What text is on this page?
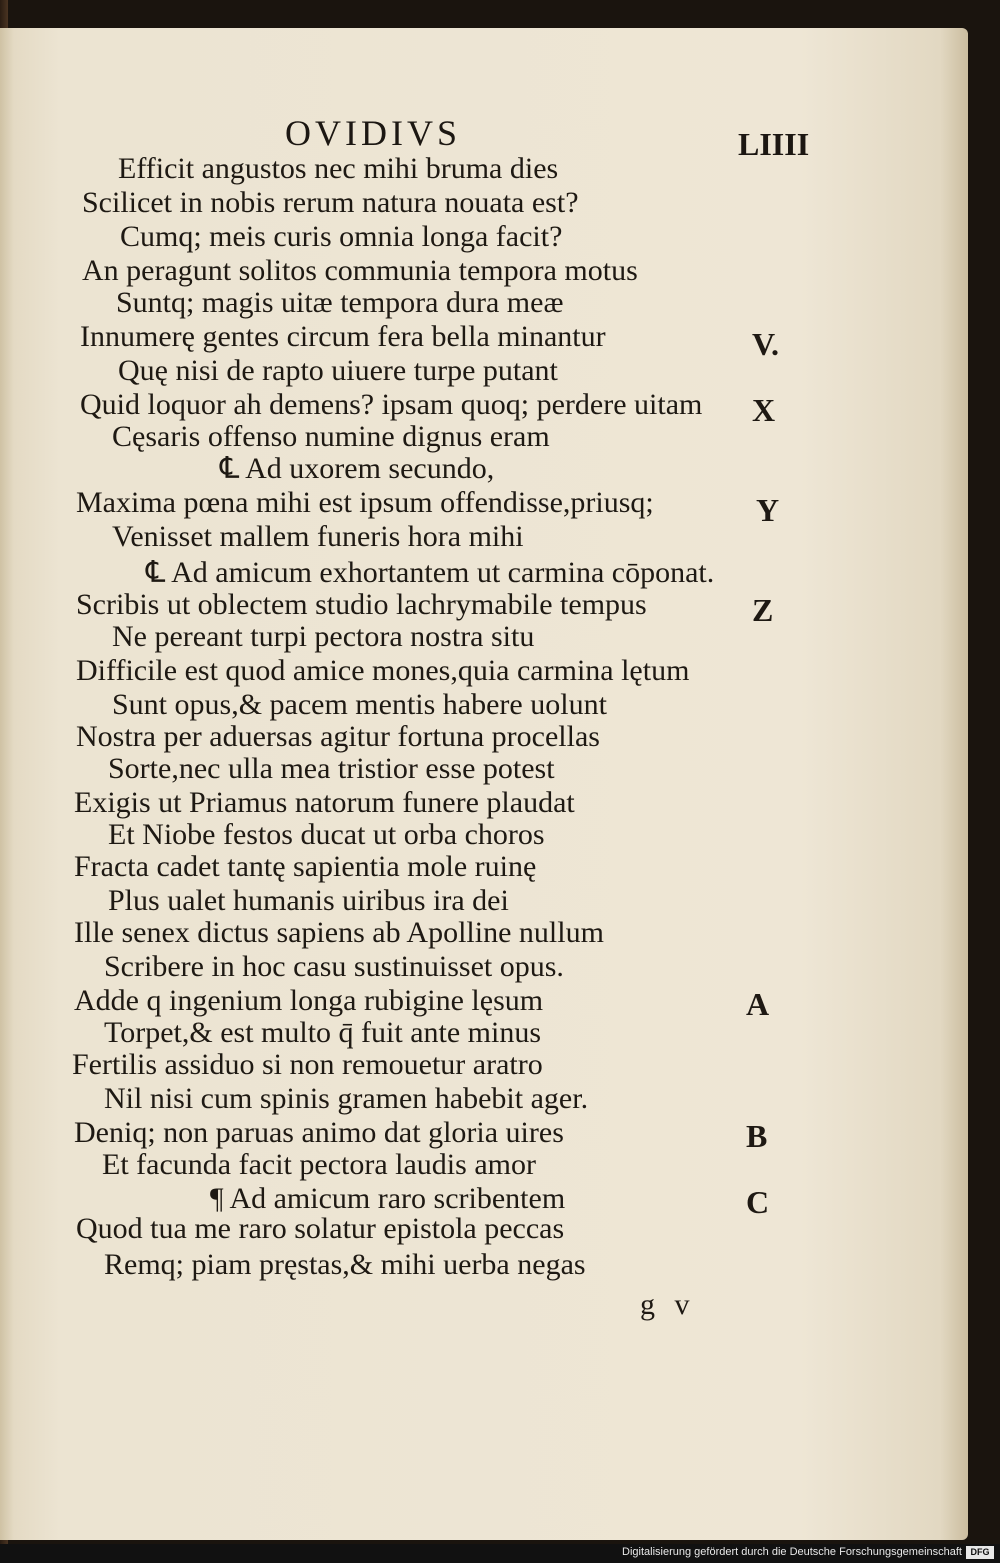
OVIDIVS	LIIII
Efficit angustos nec mihi bruma dies
Scilicet in nobis rerum natura nouata est?
Cumq; meis curis omnia longa facit?
An peragunt solitos communia tempora motus
Suntq; magis uitæ tempora dura meæ
Innumerę gentes circum fera bella minantur
Quę nisi de rapto uiuere turpe putant
Quid loquor ah demens? ipsam quoq; perdere uitam
Cęsaris offenso numine dignus eram
℄ Ad uxorem secundo,
Maxima pœna mihi est ipsum offendisse,priusq;
Venisset mallem funeris hora mihi
℄ Ad amicum exhortantem ut carmina cōponat.
Scribis ut oblectem studio lachrymabile tempus
Ne pereant turpi pectora nostra situ
Difficile est quod amice mones,quia carmina lętum
Sunt opus,& pacem mentis habere uolunt
Nostra per aduersas agitur fortuna procellas
Sorte,nec ulla mea tristior esse potest
Exigis ut Priamus natorum funere plaudat
Et Niobe festos ducat ut orba choros
Fracta cadet tantę sapientia mole ruinę
Plus ualet humanis uiribus ira dei
Ille senex dictus sapiens ab Apolline nullum
Scribere in hoc casu sustinuisset opus.
Adde q ingenium longa rubigine lęsum
Torpet,& est multo q̄ fuit ante minus
Fertilis assiduo si non remouetur aratro
Nil nisi cum spinis gramen habebit ager.
Deniq; non paruas animo dat gloria uires
Et facunda facit pectora laudis amor
¶ Ad amicum raro scribentem
Quod tua me raro solatur epistola peccas
Remq; piam pręstas,& mihi uerba negas
V.
X
Y
Z
A
B
C
g v
Digitalisierung gefördert durch die Deutsche Forschungsgemeinschaft DFG
